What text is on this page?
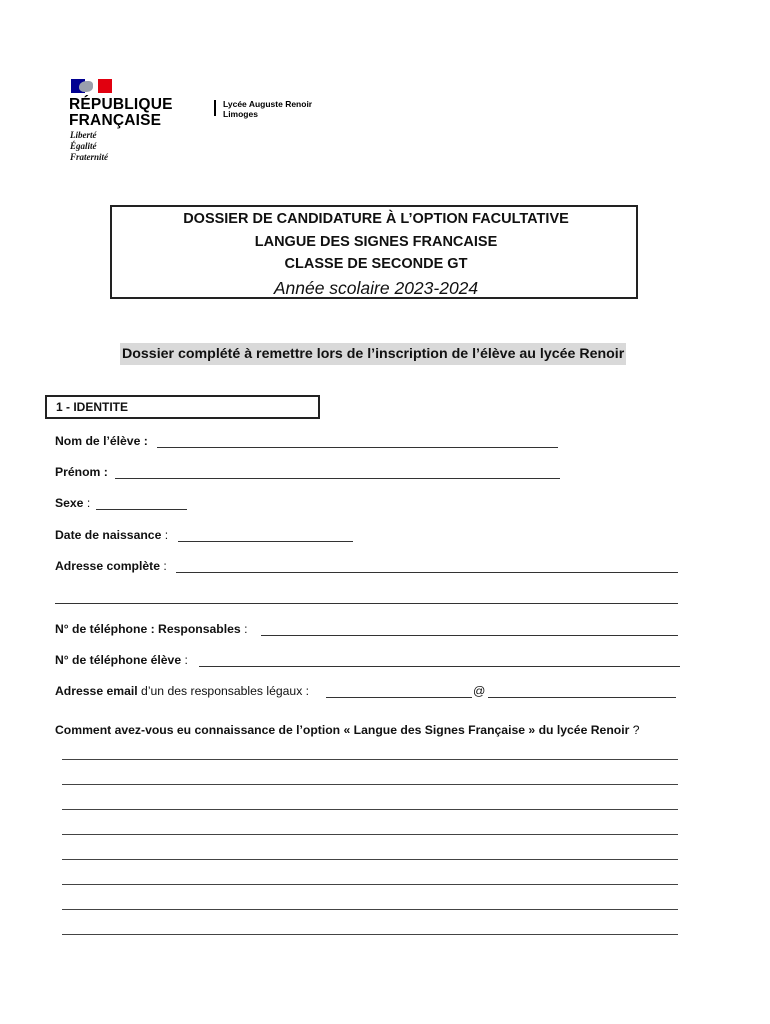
RÉPUBLIQUE
FRANÇAISE
Liberté
Égalité
Fraternité
Lycée Auguste Renoir
Limoges
DOSSIER DE CANDIDATURE À L’OPTION FACULTATIVE
LANGUE DES SIGNES FRANCAISE
CLASSE DE SECONDE GT
Année scolaire 2023-2024
Dossier complété à remettre lors de l’inscription de l’élève au lycée Renoir
1 - IDENTITE
Nom de l’élève :
Prénom :
Sexe :
Date de naissance :
Adresse complète :
N° de téléphone : Responsables :
N° de téléphone élève :
Adresse email d’un des responsables légaux :	@
Comment avez-vous eu connaissance de l’option « Langue des Signes Française » du lycée Renoir ?
